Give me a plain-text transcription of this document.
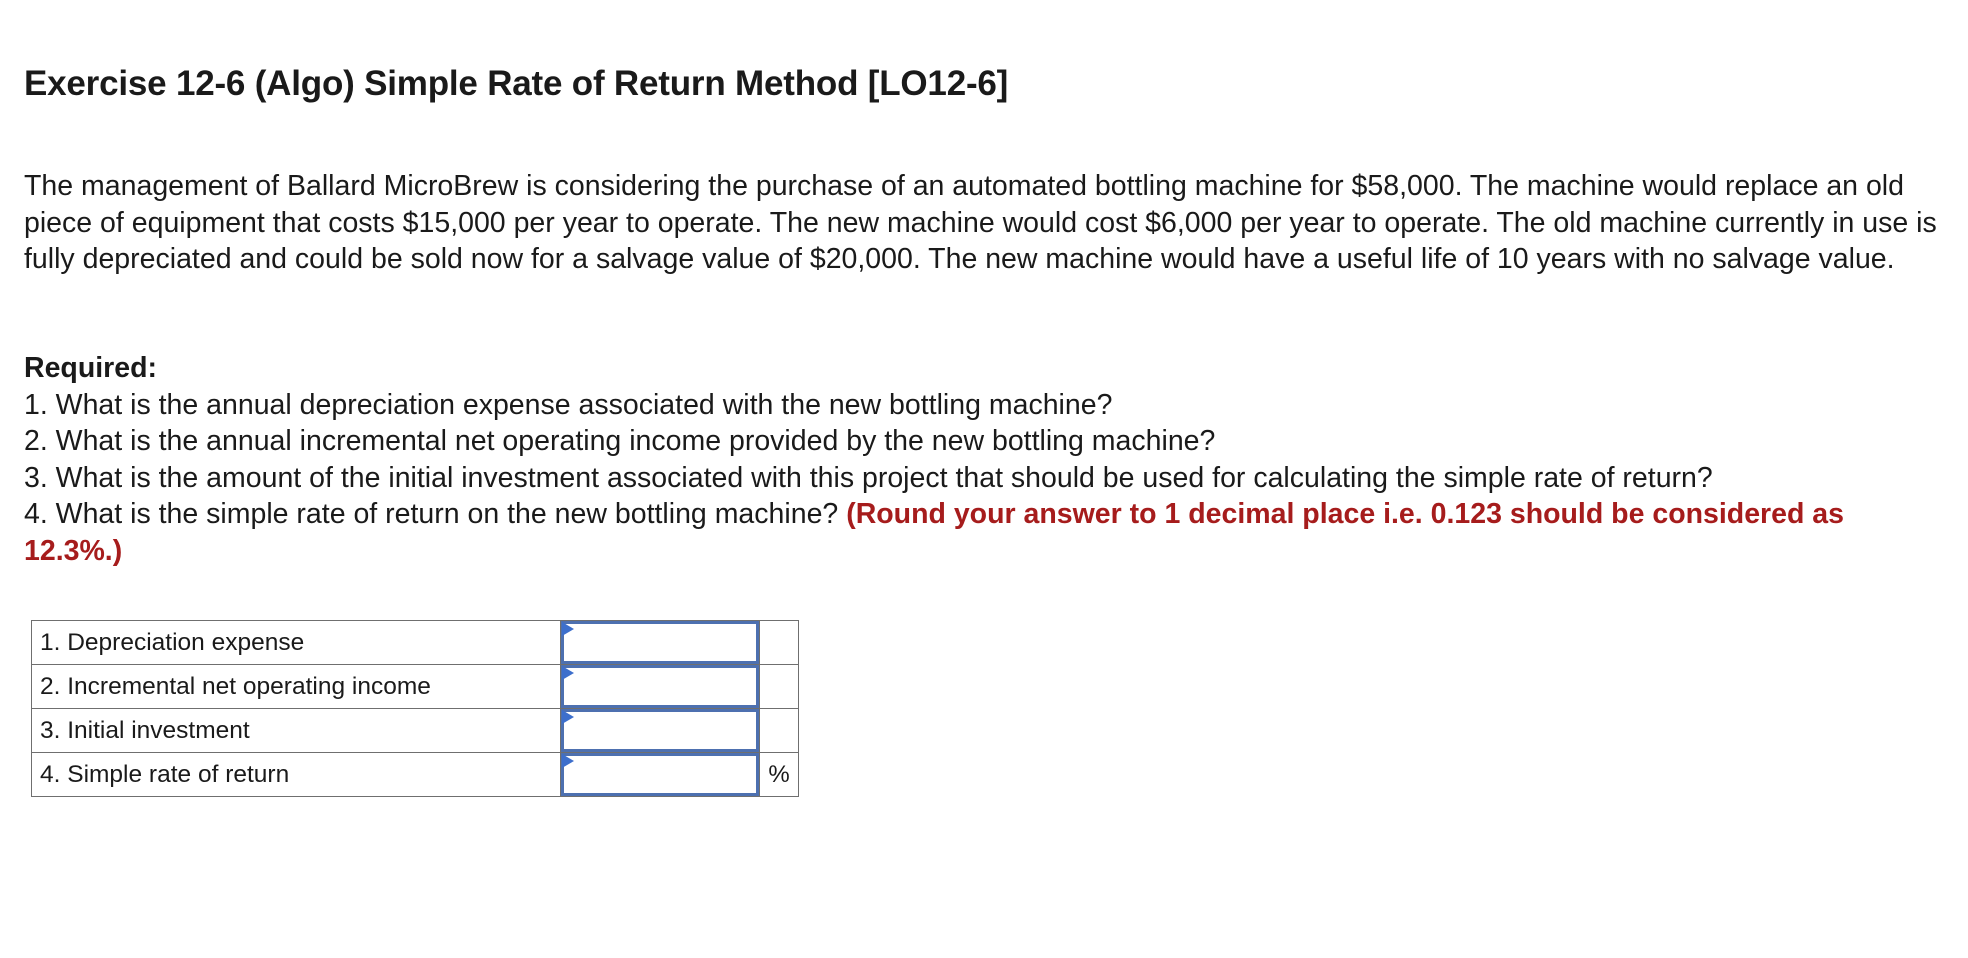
Exercise 12-6 (Algo) Simple Rate of Return Method [LO12-6]

The management of Ballard MicroBrew is considering the purchase of an automated bottling machine for $58,000. The machine would replace an old piece of equipment that costs $15,000 per year to operate. The new machine would cost $6,000 per year to operate. The old machine currently in use is fully depreciated and could be sold now for a salvage value of $20,000. The new machine would have a useful life of 10 years with no salvage value.

Required:
1. What is the annual depreciation expense associated with the new bottling machine?
2. What is the annual incremental net operating income provided by the new bottling machine?
3. What is the amount of the initial investment associated with this project that should be used for calculating the simple rate of return?
4. What is the simple rate of return on the new bottling machine? (Round your answer to 1 decimal place i.e. 0.123 should be considered as 12.3%.)
1. Depreciation expense	

2. Incremental net operating income	

3. Initial investment	

4. Simple rate of return		%
